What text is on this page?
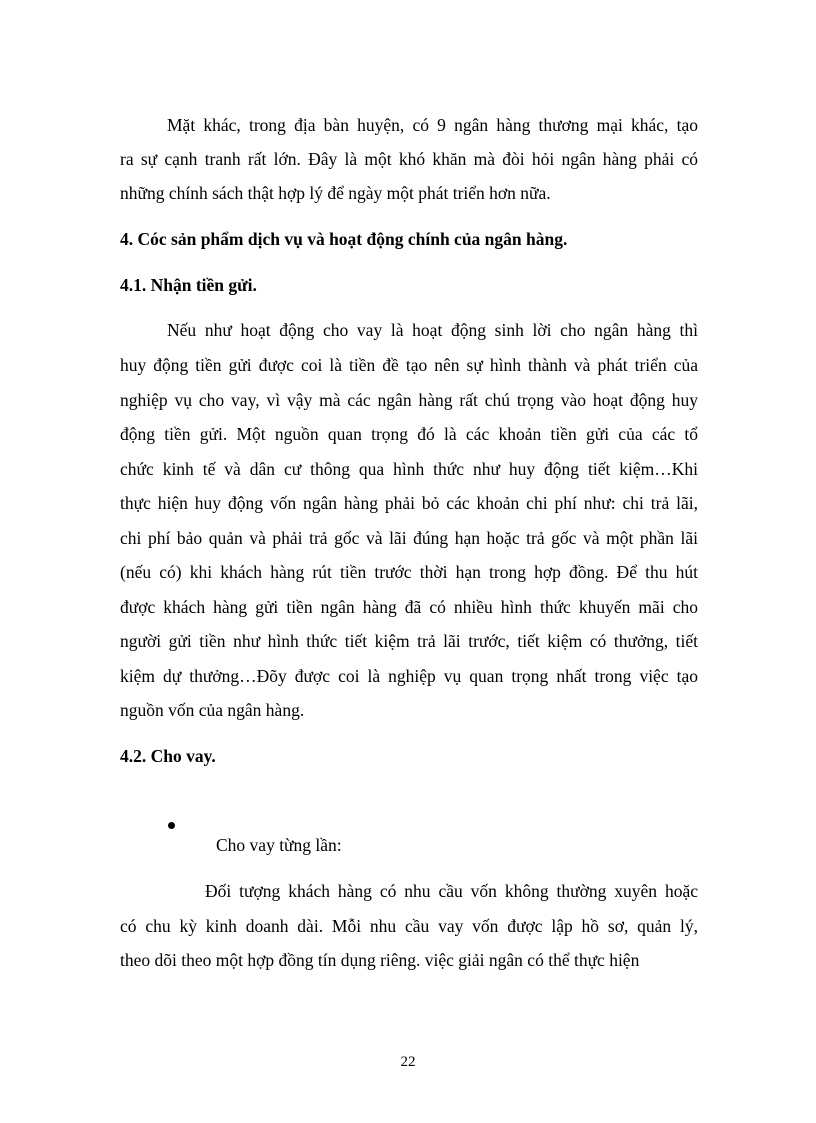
Mặt khác, trong địa bàn huyện, có 9 ngân hàng thương mại khác, tạo
ra sự cạnh tranh rất lớn. Đây là một khó khăn mà đòi hỏi ngân hàng phải có
những chính sách thật hợp lý để ngày một phát triển hơn nữa.
4. Cóc sản phẩm dịch vụ và hoạt động chính của ngân hàng.
4.1. Nhận tiền gửi.
Nếu như hoạt động cho vay là hoạt động sinh lời cho ngân hàng thì
huy động tiền gửi được coi là tiền đề tạo nên sự hình thành và phát triển của
nghiệp vụ cho vay, vì vậy mà các ngân hàng rất chú trọng vào hoạt động huy
động tiền gửi. Một nguồn quan trọng đó là các khoản tiền gửi của các tổ
chức kinh tế và dân cư thông qua hình thức như huy động tiết kiệm…Khi
thực hiện huy động vốn ngân hàng phải bỏ các khoản chi phí như: chi trả lãi,
chi phí bảo quản và phải trả gốc và lãi đúng hạn hoặc trả gốc và một phần lãi
(nếu có) khi khách hàng rút tiền trước thời hạn trong hợp đồng. Để thu hút
được khách hàng gửi tiền ngân hàng đã có nhiều hình thức khuyến mãi cho
người gửi tiền như hình thức tiết kiệm trả lãi trước, tiết kiệm có thưởng, tiết
kiệm dự thưởng…Đõy được coi là nghiệp vụ quan trọng nhất trong việc tạo
nguồn vốn của ngân hàng.
4.2. Cho vay.
Cho vay từng lần:
Đối tượng khách hàng có nhu cầu vốn không thường xuyên hoặc
có chu kỳ kinh doanh dài. Mỗi nhu cầu vay vốn được lập hồ sơ, quản lý,
theo dõi theo một hợp đồng tín dụng riêng. việc giải ngân có thể thực hiện
22
